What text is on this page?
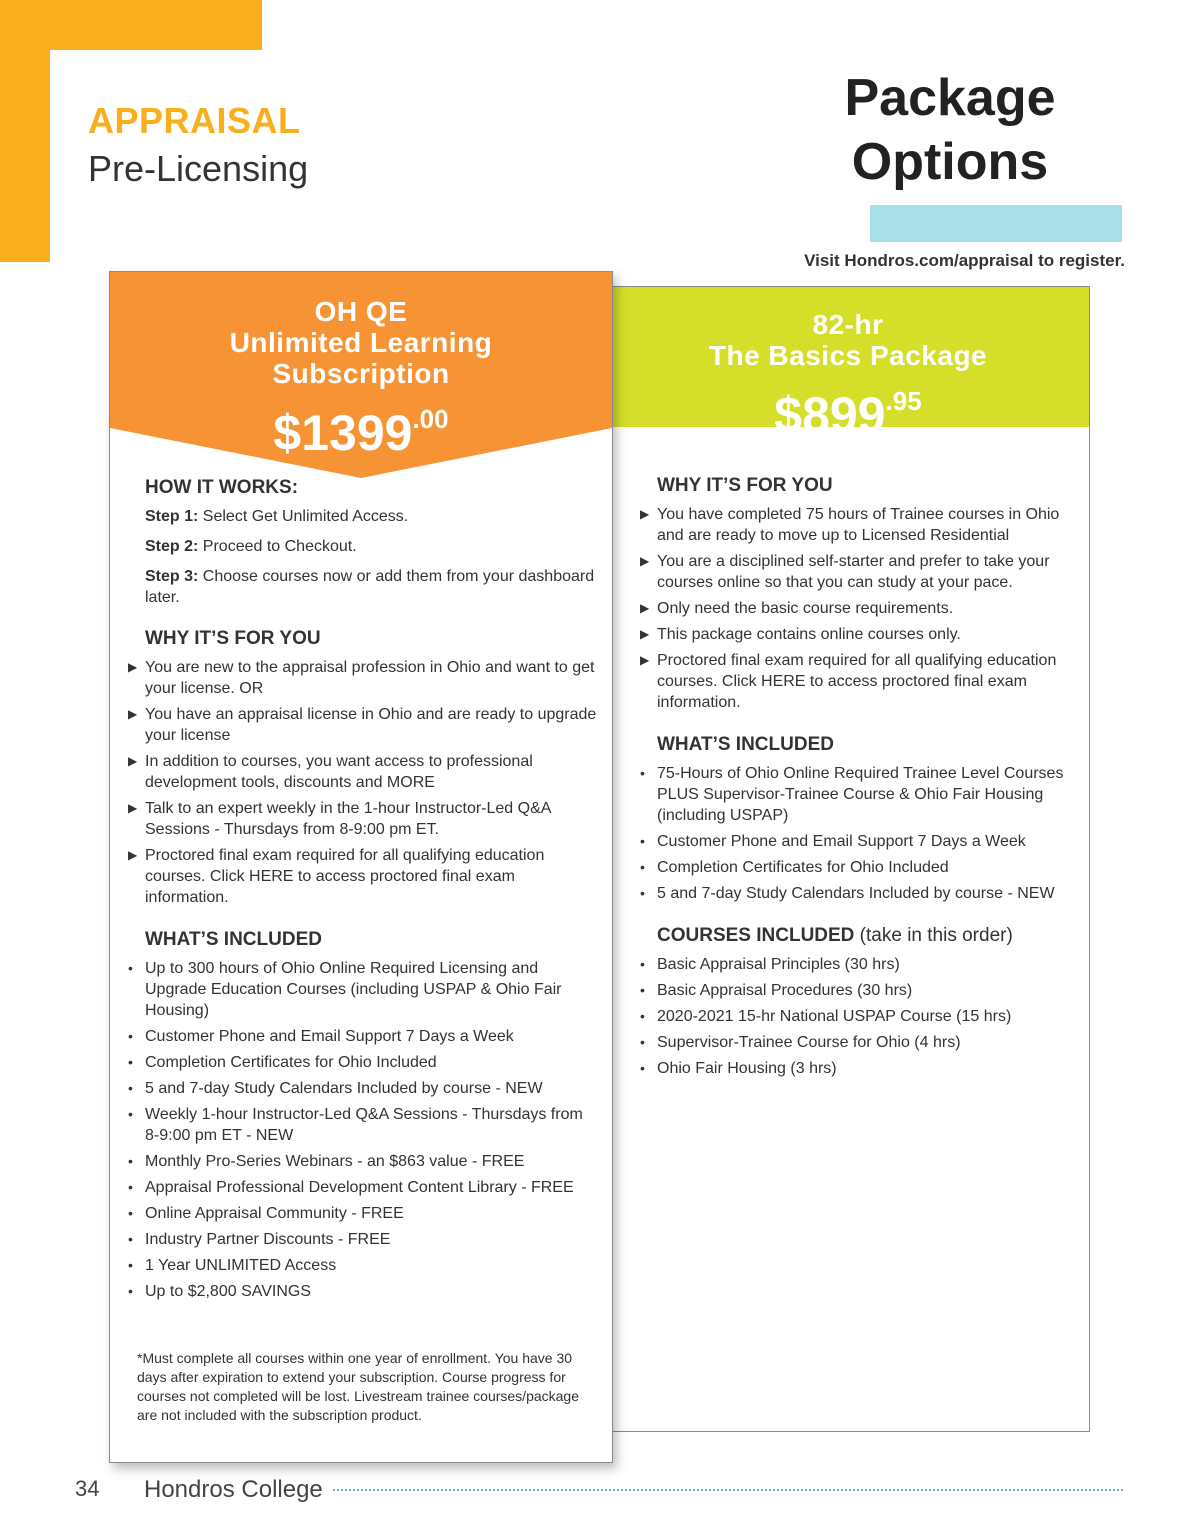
APPRAISAL
Pre-Licensing
Package
Options
Visit Hondros.com/appraisal to register.
82-hr
The Basics Package
$\$899^{.95}$
WHY IT’S FOR YOU
▶ You have completed 75 hours of Trainee courses in Ohio and are ready to move up to Licensed Residential
▶ You are a disciplined self-starter and prefer to take your courses online so that you can study at your pace.
▶ Only need the basic course requirements.
▶ This package contains online courses only.
▶ Proctored final exam required for all qualifying education courses. Click HERE to access proctored final exam information.
WHAT’S INCLUDED
• 75-Hours of Ohio Online Required Trainee Level Courses PLUS Supervisor-Trainee Course & Ohio Fair Housing (including USPAP)
• Customer Phone and Email Support 7 Days a Week
• Completion Certificates for Ohio Included
• 5 and 7-day Study Calendars Included by course - NEW
COURSES INCLUDED (take in this order)
• Basic Appraisal Principles (30 hrs)
• Basic Appraisal Procedures (30 hrs)
• 2020-2021 15-hr National USPAP Course (15 hrs)
• Supervisor-Trainee Course for Ohio (4 hrs)
• Ohio Fair Housing (3 hrs)
OH QE
Unlimited Learning
Subscription
$\$1399^{.00}$
HOW IT WORKS:
Step 1: Select Get Unlimited Access.
Step 2: Proceed to Checkout.
Step 3: Choose courses now or add them from your dashboard later.
WHY IT’S FOR YOU
▶ You are new to the appraisal profession in Ohio and want to get your license. OR
▶ You have an appraisal license in Ohio and are ready to upgrade your license
▶ In addition to courses, you want access to professional development tools, discounts and MORE
▶ Talk to an expert weekly in the 1-hour Instructor-Led Q&A Sessions - Thursdays from 8-9:00 pm ET.
▶ Proctored final exam required for all qualifying education courses. Click HERE to access proctored final exam information.
WHAT’S INCLUDED
• Up to 300 hours of Ohio Online Required Licensing and Upgrade Education Courses (including USPAP & Ohio Fair Housing)
• Customer Phone and Email Support 7 Days a Week
• Completion Certificates for Ohio Included
• 5 and 7-day Study Calendars Included by course - NEW
• Weekly 1-hour Instructor-Led Q&A Sessions - Thursdays from 8-9:00 pm ET - NEW
• Monthly Pro-Series Webinars - an $863 value - FREE
• Appraisal Professional Development Content Library - FREE
• Online Appraisal Community - FREE
• Industry Partner Discounts - FREE
• 1 Year UNLIMITED Access
• Up to $2,800 SAVINGS
*Must complete all courses within one year of enrollment. You have 30 days after expiration to extend your subscription. Course progress for courses not completed will be lost. Livestream trainee courses/package are not included with the subscription product.
34 Hondros College
